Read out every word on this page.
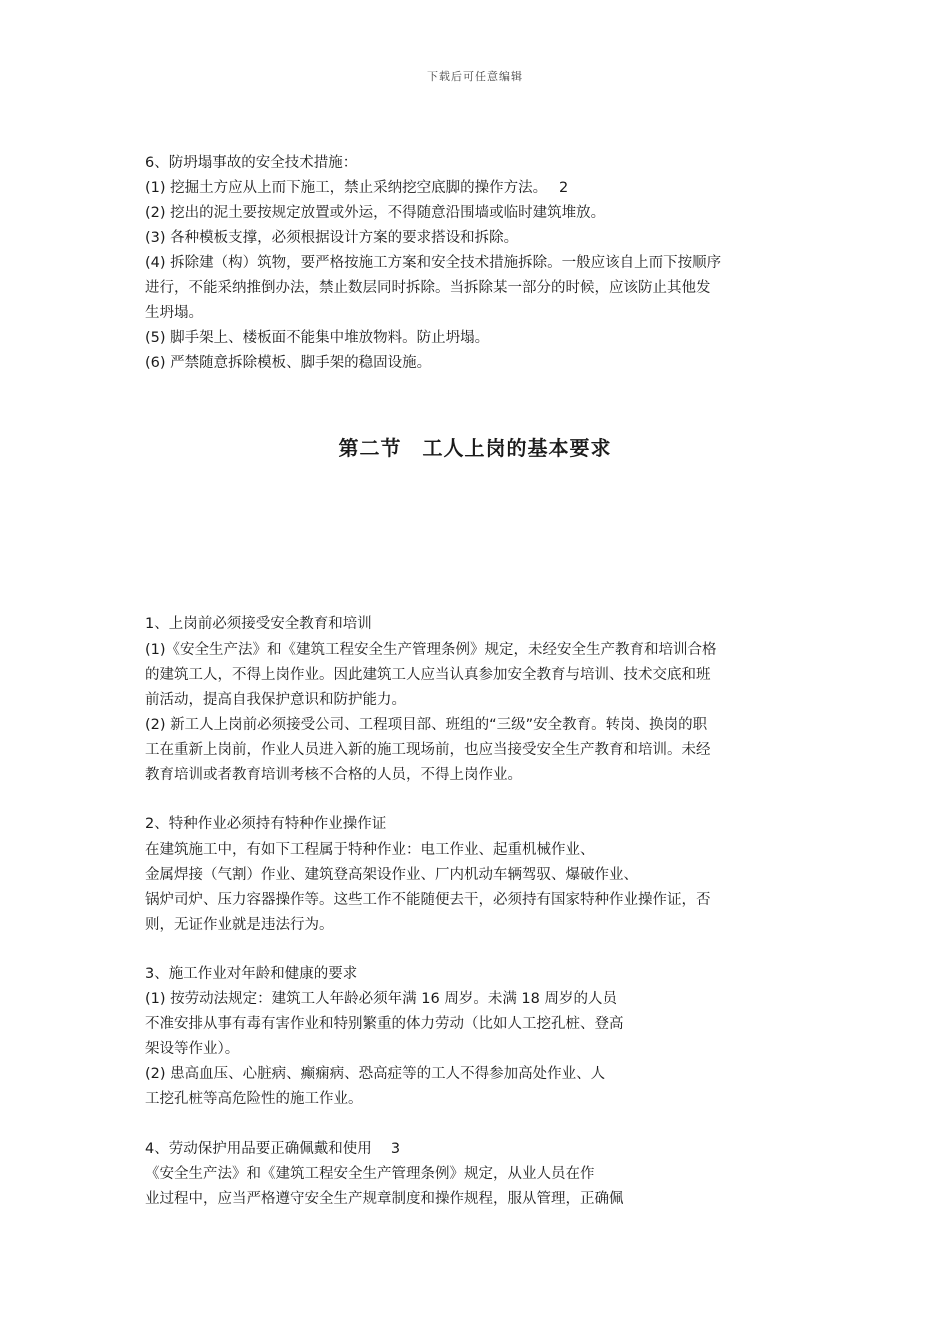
下载后可任意编辑
6、防坍塌事故的安全技术措施：
(1) 挖掘土方应从上而下施工，禁止采纳挖空底脚的操作方法。　 2
(2) 挖出的泥土要按规定放置或外运，不得随意沿围墙或临时建筑堆放。
(3) 各种模板支撑，必须根据设计方案的要求搭设和拆除。
(4) 拆除建（构）筑物，要严格按施工方案和安全技术措施拆除。一般应该自上而下按顺序
进行，不能采纳推倒办法，禁止数层同时拆除。当拆除某一部分的时候，应该防止其他发
生坍塌。
(5) 脚手架上、楼板面不能集中堆放物料。防止坍塌。
(6) 严禁随意拆除模板、脚手架的稳固设施。
第二节　工人上岗的基本要求
1、上岗前必须接受安全教育和培训
(1)《安全生产法》和《建筑工程安全生产管理条例》规定，未经安全生产教育和培训合格
的建筑工人，不得上岗作业。因此建筑工人应当认真参加安全教育与培训、技术交底和班
前活动，提高自我保护意识和防护能力。
(2) 新工人上岗前必须接受公司、工程项目部、班组的“三级”安全教育。转岗、换岗的职
工在重新上岗前，作业人员进入新的施工现场前，也应当接受安全生产教育和培训。未经
教育培训或者教育培训考核不合格的人员，不得上岗作业。
2、特种作业必须持有特种作业操作证
在建筑施工中，有如下工程属于特种作业：电工作业、起重机械作业、
金属焊接（气割）作业、建筑登高架设作业、厂内机动车辆驾驭、爆破作业、
锅炉司炉、压力容器操作等。这些工作不能随便去干，必须持有国家特种作业操作证，否
则，无证作业就是违法行为。
3、施工作业对年龄和健康的要求
(1) 按劳动法规定：建筑工人年龄必须年满 16 周岁。未满 18 周岁的人员
不准安排从事有毒有害作业和特别繁重的体力劳动（比如人工挖孔桩、登高
架设等作业）。
(2) 患高血压、心脏病、癫痫病、恐高症等的工人不得参加高处作业、人
工挖孔桩等高危险性的施工作业。
4、劳动保护用品要正确佩戴和使用　 3
《安全生产法》和《建筑工程安全生产管理条例》规定，从业人员在作
业过程中，应当严格遵守安全生产规章制度和操作规程，服从管理，正确佩
